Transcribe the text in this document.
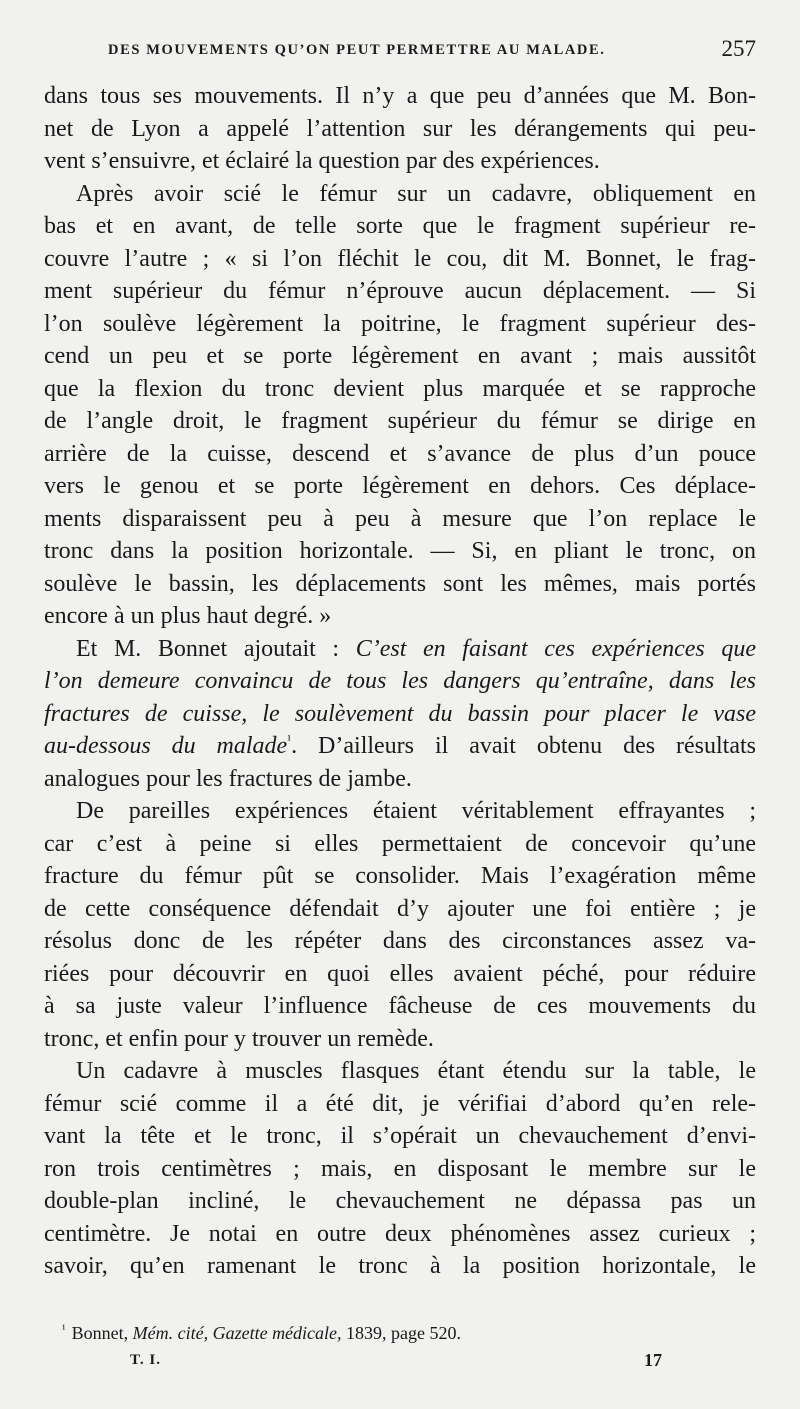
DES MOUVEMENTS QU’ON PEUT PERMETTRE AU MALADE.	257
dans tous ses mouvements. Il n’y a que peu d’années que M. Bon-
net de Lyon a appelé l’attention sur les dérangements qui peu-
vent s’ensuivre, et éclairé la question par des expériences.
Après avoir scié le fémur sur un cadavre, obliquement en
bas et en avant, de telle sorte que le fragment supérieur re-
couvre l’autre ; « si l’on fléchit le cou, dit M. Bonnet, le frag-
ment supérieur du fémur n’éprouve aucun déplacement. — Si
l’on soulève légèrement la poitrine, le fragment supérieur des-
cend un peu et se porte légèrement en avant ; mais aussitôt
que la flexion du tronc devient plus marquée et se rapproche
de l’angle droit, le fragment supérieur du fémur se dirige en
arrière de la cuisse, descend et s’avance de plus d’un pouce
vers le genou et se porte légèrement en dehors. Ces déplace-
ments disparaissent peu à peu à mesure que l’on replace le
tronc dans la position horizontale. — Si, en pliant le tronc, on
soulève le bassin, les déplacements sont les mêmes, mais portés
encore à un plus haut degré. »
Et M. Bonnet ajoutait : C’est en faisant ces expériences que
l’on demeure convaincu de tous les dangers qu’entraîne, dans les
fractures de cuisse, le soulèvement du bassin pour placer le vase
au-dessous du malade$^{^1}$. D’ailleurs il avait obtenu des résultats
analogues pour les fractures de jambe.
De pareilles expériences étaient véritablement effrayantes ;
car c’est à peine si elles permettaient de concevoir qu’une
fracture du fémur pût se consolider. Mais l’exagération même
de cette conséquence défendait d’y ajouter une foi entière ; je
résolus donc de les répéter dans des circonstances assez va-
riées pour découvrir en quoi elles avaient péché, pour réduire
à sa juste valeur l’influence fâcheuse de ces mouvements du
tronc, et enfin pour y trouver un remède.
Un cadavre à muscles flasques étant étendu sur la table, le
fémur scié comme il a été dit, je vérifiai d’abord qu’en rele-
vant la tête et le tronc, il s’opérait un chevauchement d’envi-
ron trois centimètres ; mais, en disposant le membre sur le
double-plan incliné, le chevauchement ne dépassa pas un
centimètre. Je notai en outre deux phénomènes assez curieux ;
savoir, qu’en ramenant le tronc à la position horizontale, le
$^{^1}$ Bonnet, Mém. cité, Gazette médicale, 1839, page 520.
T. I.	17
